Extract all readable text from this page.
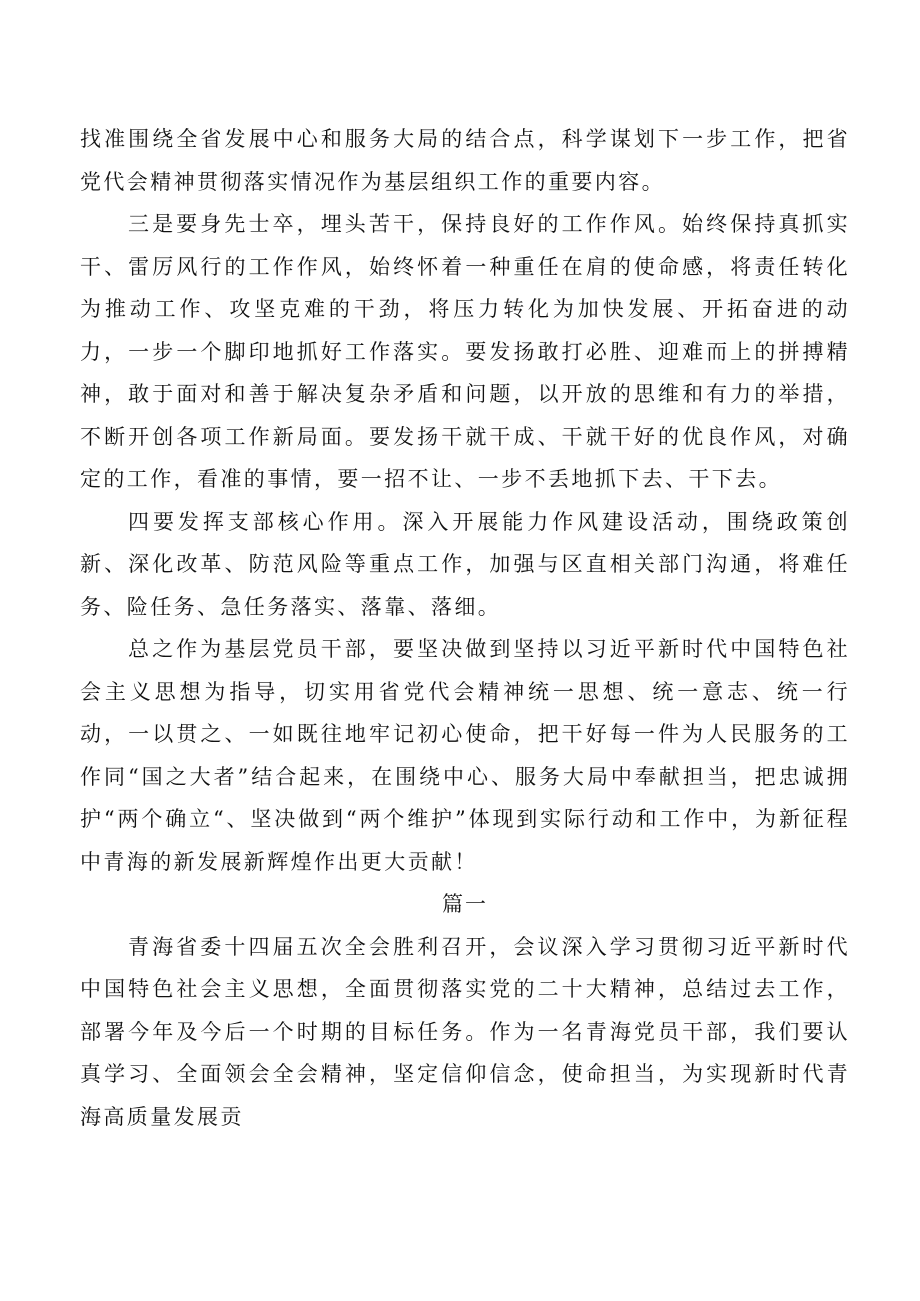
找准围绕全省发展中心和服务大局的结合点，科学谋划下一步工作，把省党代会精神贯彻落实情况作为基层组织工作的重要内容。

三是要身先士卒，埋头苦干，保持良好的工作作风。始终保持真抓实干、雷厉风行的工作作风，始终怀着一种重任在肩的使命感，将责任转化为推动工作、攻坚克难的干劲，将压力转化为加快发展、开拓奋进的动力，一步一个脚印地抓好工作落实。要发扬敢打必胜、迎难而上的拼搏精神，敢于面对和善于解决复杂矛盾和问题，以开放的思维和有力的举措，不断开创各项工作新局面。要发扬干就干成、干就干好的优良作风，对确定的工作，看准的事情，要一招不让、一步不丢地抓下去、干下去。

四要发挥支部核心作用。深入开展能力作风建设活动，围绕政策创新、深化改革、防范风险等重点工作，加强与区直相关部门沟通，将难任务、险任务、急任务落实、落靠、落细。

总之作为基层党员干部，要坚决做到坚持以习近平新时代中国特色社会主义思想为指导，切实用省党代会精神统一思想、统一意志、统一行动，一以贯之、一如既往地牢记初心使命，把干好每一件为人民服务的工作同“国之大者”结合起来，在围绕中心、服务大局中奉献担当，把忠诚拥护“两个确立“、坚决做到“两个维护”体现到实际行动和工作中，为新征程中青海的新发展新辉煌作出更大贡献！

篇一

青海省委十四届五次全会胜利召开，会议深入学习贯彻习近平新时代中国特色社会主义思想，全面贯彻落实党的二十大精神，总结过去工作，部署今年及今后一个时期的目标任务。作为一名青海党员干部，我们要认真学习、全面领会全会精神，坚定信仰信念，使命担当，为实现新时代青海高质量发展贡
